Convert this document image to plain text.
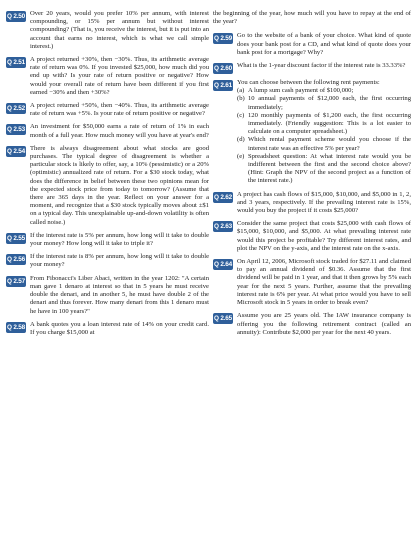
Q 2.50 Over 20 years, would you prefer 10% per annum, with interest compounding, or 15% per annum but without interest compounding? (That is, you receive the interest, but it is put into an account that earns no interest, which is what we call simple interest.)

Q 2.51 A project returned +30%, then −30%. Thus, its arithmetic average rate of return was 0%. If you invested $25,000, how much did you end up with? Is your rate of return positive or negative? How would your overall rate of return have been different if you first earned −30% and then +30%?

Q 2.52 A project returned +50%, then −40%. Thus, its arithmetic average rate of return was +5%. Is your rate of return positive or negative?

Q 2.53 An investment for $50,000 earns a rate of return of 1% in each month of a full year. How much money will you have at year's end?

Q 2.54 There is always disagreement about what stocks are good purchases. The typical degree of disagreement is whether a particular stock is likely to offer, say, a 10% (pessimistic) or a 20% (optimistic) annualized rate of return. For a $30 stock today, what does the difference in belief between these two opinions mean for the expected stock price from today to tomorrow? (Assume that there are 365 days in the year. Reflect on your answer for a moment, and recognize that a $30 stock typically moves about ±$1 on a typical day. This unexplainable up-and-down volatility is often called noise.)

Q 2.55 If the interest rate is 5% per annum, how long will it take to double your money? How long will it take to triple it?

Q 2.56 If the interest rate is 8% per annum, how long will it take to double your money?

Q 2.57 From Fibonacci's Liber Abaci, written in the year 1202: "A certain man gave 1 denaro at interest so that in 5 years he must receive double the denari, and in another 5, he must have double 2 of the denari and thus forever. How many denari from this 1 denaro must he have in 100 years?"

Q 2.58 A bank quotes you a loan interest rate of 14% on your credit card. If you charge $15,000 at

the beginning of the year, how much will you have to repay at the end of the year?

Q 2.59 Go to the website of a bank of your choice. What kind of quote does your bank post for a CD, and what kind of quote does your bank post for a mortgage? Why?

Q 2.60 What is the 1-year discount factor if the interest rate is 33.33%?

Q 2.61 You can choose between the following rent payments:

(a) A lump sum cash payment of $100,000;
(b) 10 annual payments of $12,000 each, the first occurring immediately;
(c) 120 monthly payments of $1,200 each, the first occurring immediately. (Friendly suggestion: This is a lot easier to calculate on a computer spreadsheet.)
(d) Which rental payment scheme would you choose if the interest rate was an effective 5% per year?
(e) Spreadsheet question: At what interest rate would you be indifferent between the first and the second choice above? (Hint: Graph the NPV of the second project as a function of the interest rate.)
Q 2.62 A project has cash flows of $15,000, $10,000, and $5,000 in 1, 2, and 3 years, respectively. If the prevailing interest rate is 15%, would you buy the project if it costs $25,000?

Q 2.63 Consider the same project that costs $25,000 with cash flows of $15,000, $10,000, and $5,000. At what prevailing interest rate would this project be profitable? Try different interest rates, and plot the NPV on the y-axis, and the interest rate on the x-axis.

Q 2.64 On April 12, 2006, Microsoft stock traded for $27.11 and claimed to pay an annual dividend of $0.36. Assume that the first dividend will be paid in 1 year, and that it then grows by 5% each year for the next 5 years. Further, assume that the prevailing interest rate is 6% per year. At what price would you have to sell Microsoft stock in 5 years in order to break even?

Q 2.65 Assume you are 25 years old. The IAW insurance company is offering you the following retirement contract (called an annuity): Contribute $2,000 per year for the next 40 years.
